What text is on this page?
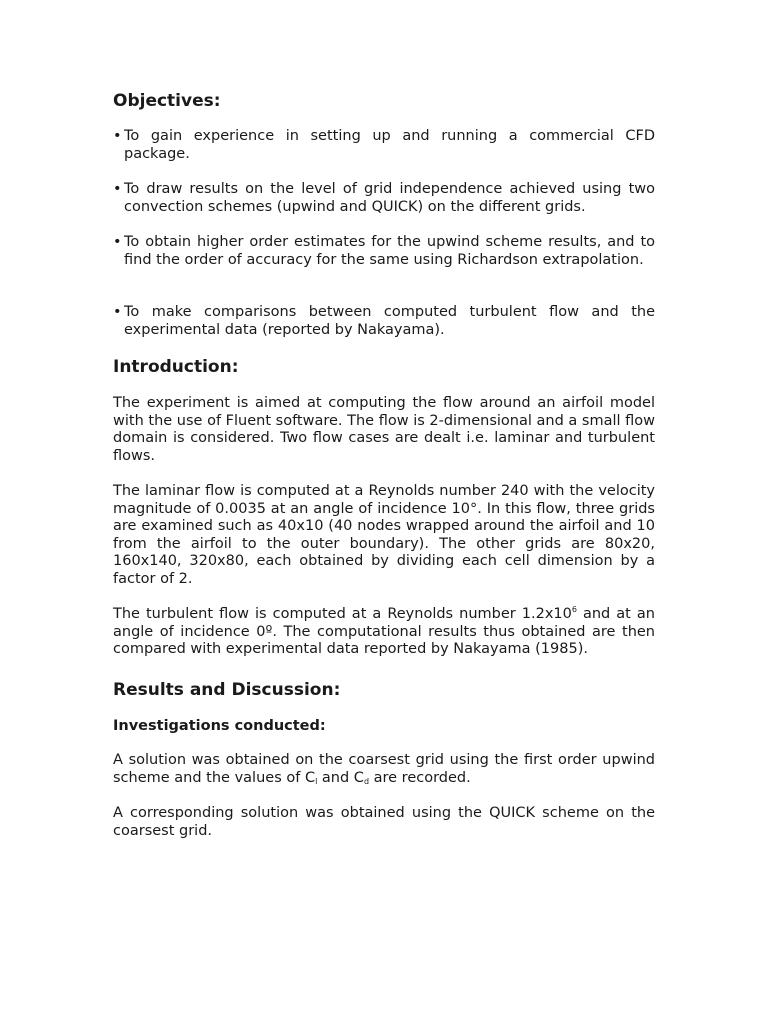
Objectives:
• To gain experience in setting up and running a commercial CFD package.
• To draw results on the level of grid independence achieved using two convection schemes (upwind and QUICK) on the different grids.
• To obtain higher order estimates for the upwind scheme results, and to find the order of accuracy for the same using Richardson extrapolation.
• To make comparisons between computed turbulent flow and the experimental data (reported by Nakayama).
Introduction:

The experiment is aimed at computing the flow around an airfoil model with the use of Fluent software. The flow is 2-dimensional and a small flow domain is considered. Two flow cases are dealt i.e. laminar and turbulent flows.

The laminar flow is computed at a Reynolds number 240 with the velocity magnitude of 0.0035 at an angle of incidence 10°. In this flow, three grids are examined such as 40x10 (40 nodes wrapped around the airfoil and 10 from the airfoil to the outer boundary). The other grids are 80x20, 160x140, 320x80, each obtained by dividing each cell dimension by a factor of 2.

The turbulent flow is computed at a Reynolds number $1.2x10^6$ and at an angle of incidence 0º. The computational results thus obtained are then compared with experimental data reported by Nakayama (1985).

Results and Discussion:
Investigations conducted:

A solution was obtained on the coarsest grid using the first order upwind scheme and the values of $C_l$ and $C_d$ are recorded.

A corresponding solution was obtained using the QUICK scheme on the coarsest grid.
